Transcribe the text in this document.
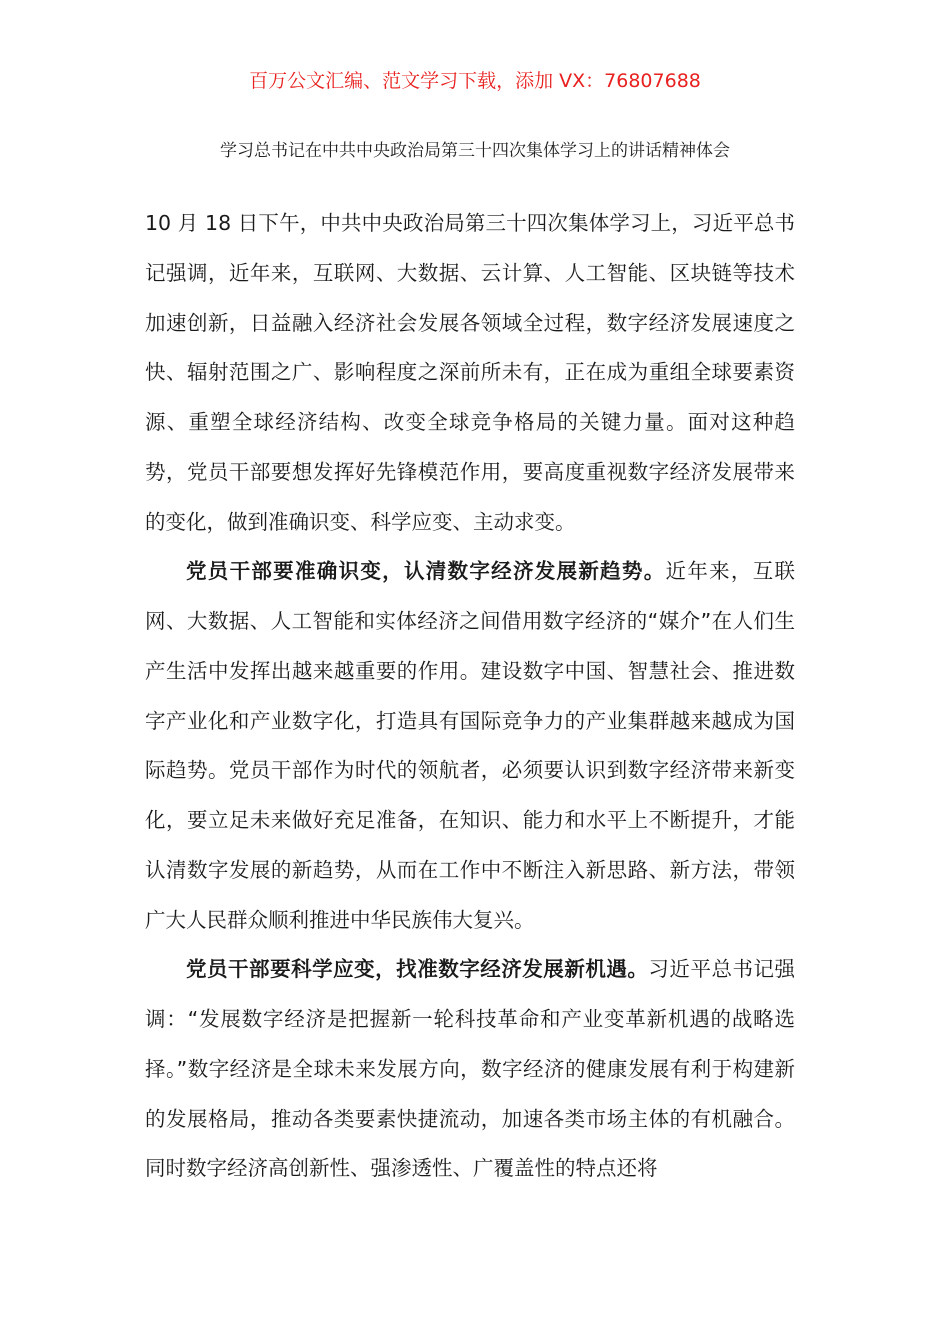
百万公文汇编、范文学习下载，添加 VX：76807688
学习总书记在中共中央政治局第三十四次集体学习上的讲话精神体会

10 月 18 日下午，中共中央政治局第三十四次集体学习上，习近平总书记强调，近年来，互联网、大数据、云计算、人工智能、区块链等技术加速创新，日益融入经济社会发展各领域全过程，数字经济发展速度之快、辐射范围之广、影响程度之深前所未有，正在成为重组全球要素资源、重塑全球经济结构、改变全球竞争格局的关键力量。面对这种趋势，党员干部要想发挥好先锋模范作用，要高度重视数字经济发展带来的变化，做到准确识变、科学应变、主动求变。

党员干部要准确识变，认清数字经济发展新趋势。近年来，互联网、大数据、人工智能和实体经济之间借用数字经济的“媒介”在人们生产生活中发挥出越来越重要的作用。建设数字中国、智慧社会、推进数字产业化和产业数字化，打造具有国际竞争力的产业集群越来越成为国际趋势。党员干部作为时代的领航者，必须要认识到数字经济带来新变化，要立足未来做好充足准备，在知识、能力和水平上不断提升，才能认清数字发展的新趋势，从而在工作中不断注入新思路、新方法，带领广大人民群众顺利推进中华民族伟大复兴。

党员干部要科学应变，找准数字经济发展新机遇。习近平总书记强调：“发展数字经济是把握新一轮科技革命和产业变革新机遇的战略选择。”数字经济是全球未来发展方向，数字经济的健康发展有利于构建新的发展格局，推动各类要素快捷流动，加速各类市场主体的有机融合。同时数字经济高创新性、强渗透性、广覆盖性的特点还将
